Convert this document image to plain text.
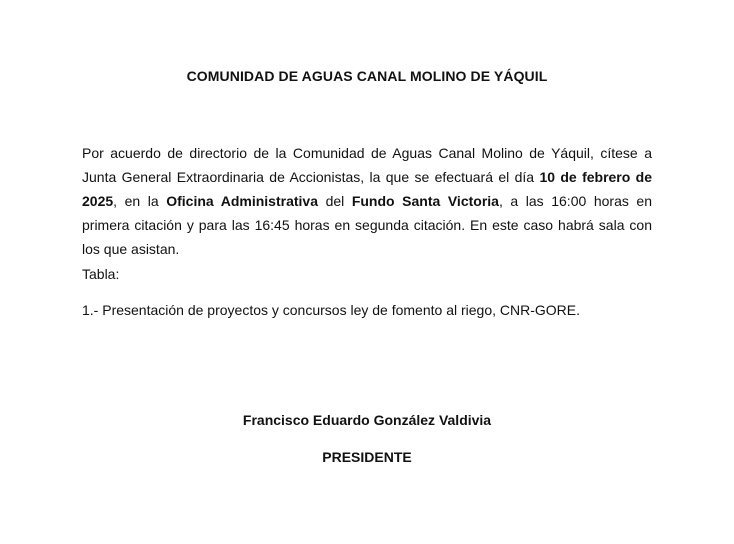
COMUNIDAD DE AGUAS CANAL MOLINO DE YÁQUIL
Por acuerdo de directorio de la Comunidad de Aguas Canal Molino de Yáquil, cítese a Junta General Extraordinaria de Accionistas, la que se efectuará el día 10 de febrero de 2025, en la Oficina Administrativa del Fundo Santa Victoria, a las 16:00 horas en primera citación y para las 16:45 horas en segunda citación. En este caso habrá sala con los que asistan.
Tabla:
1.- Presentación de proyectos y concursos ley de fomento al riego, CNR-GORE.
Francisco Eduardo González Valdivia
PRESIDENTE
